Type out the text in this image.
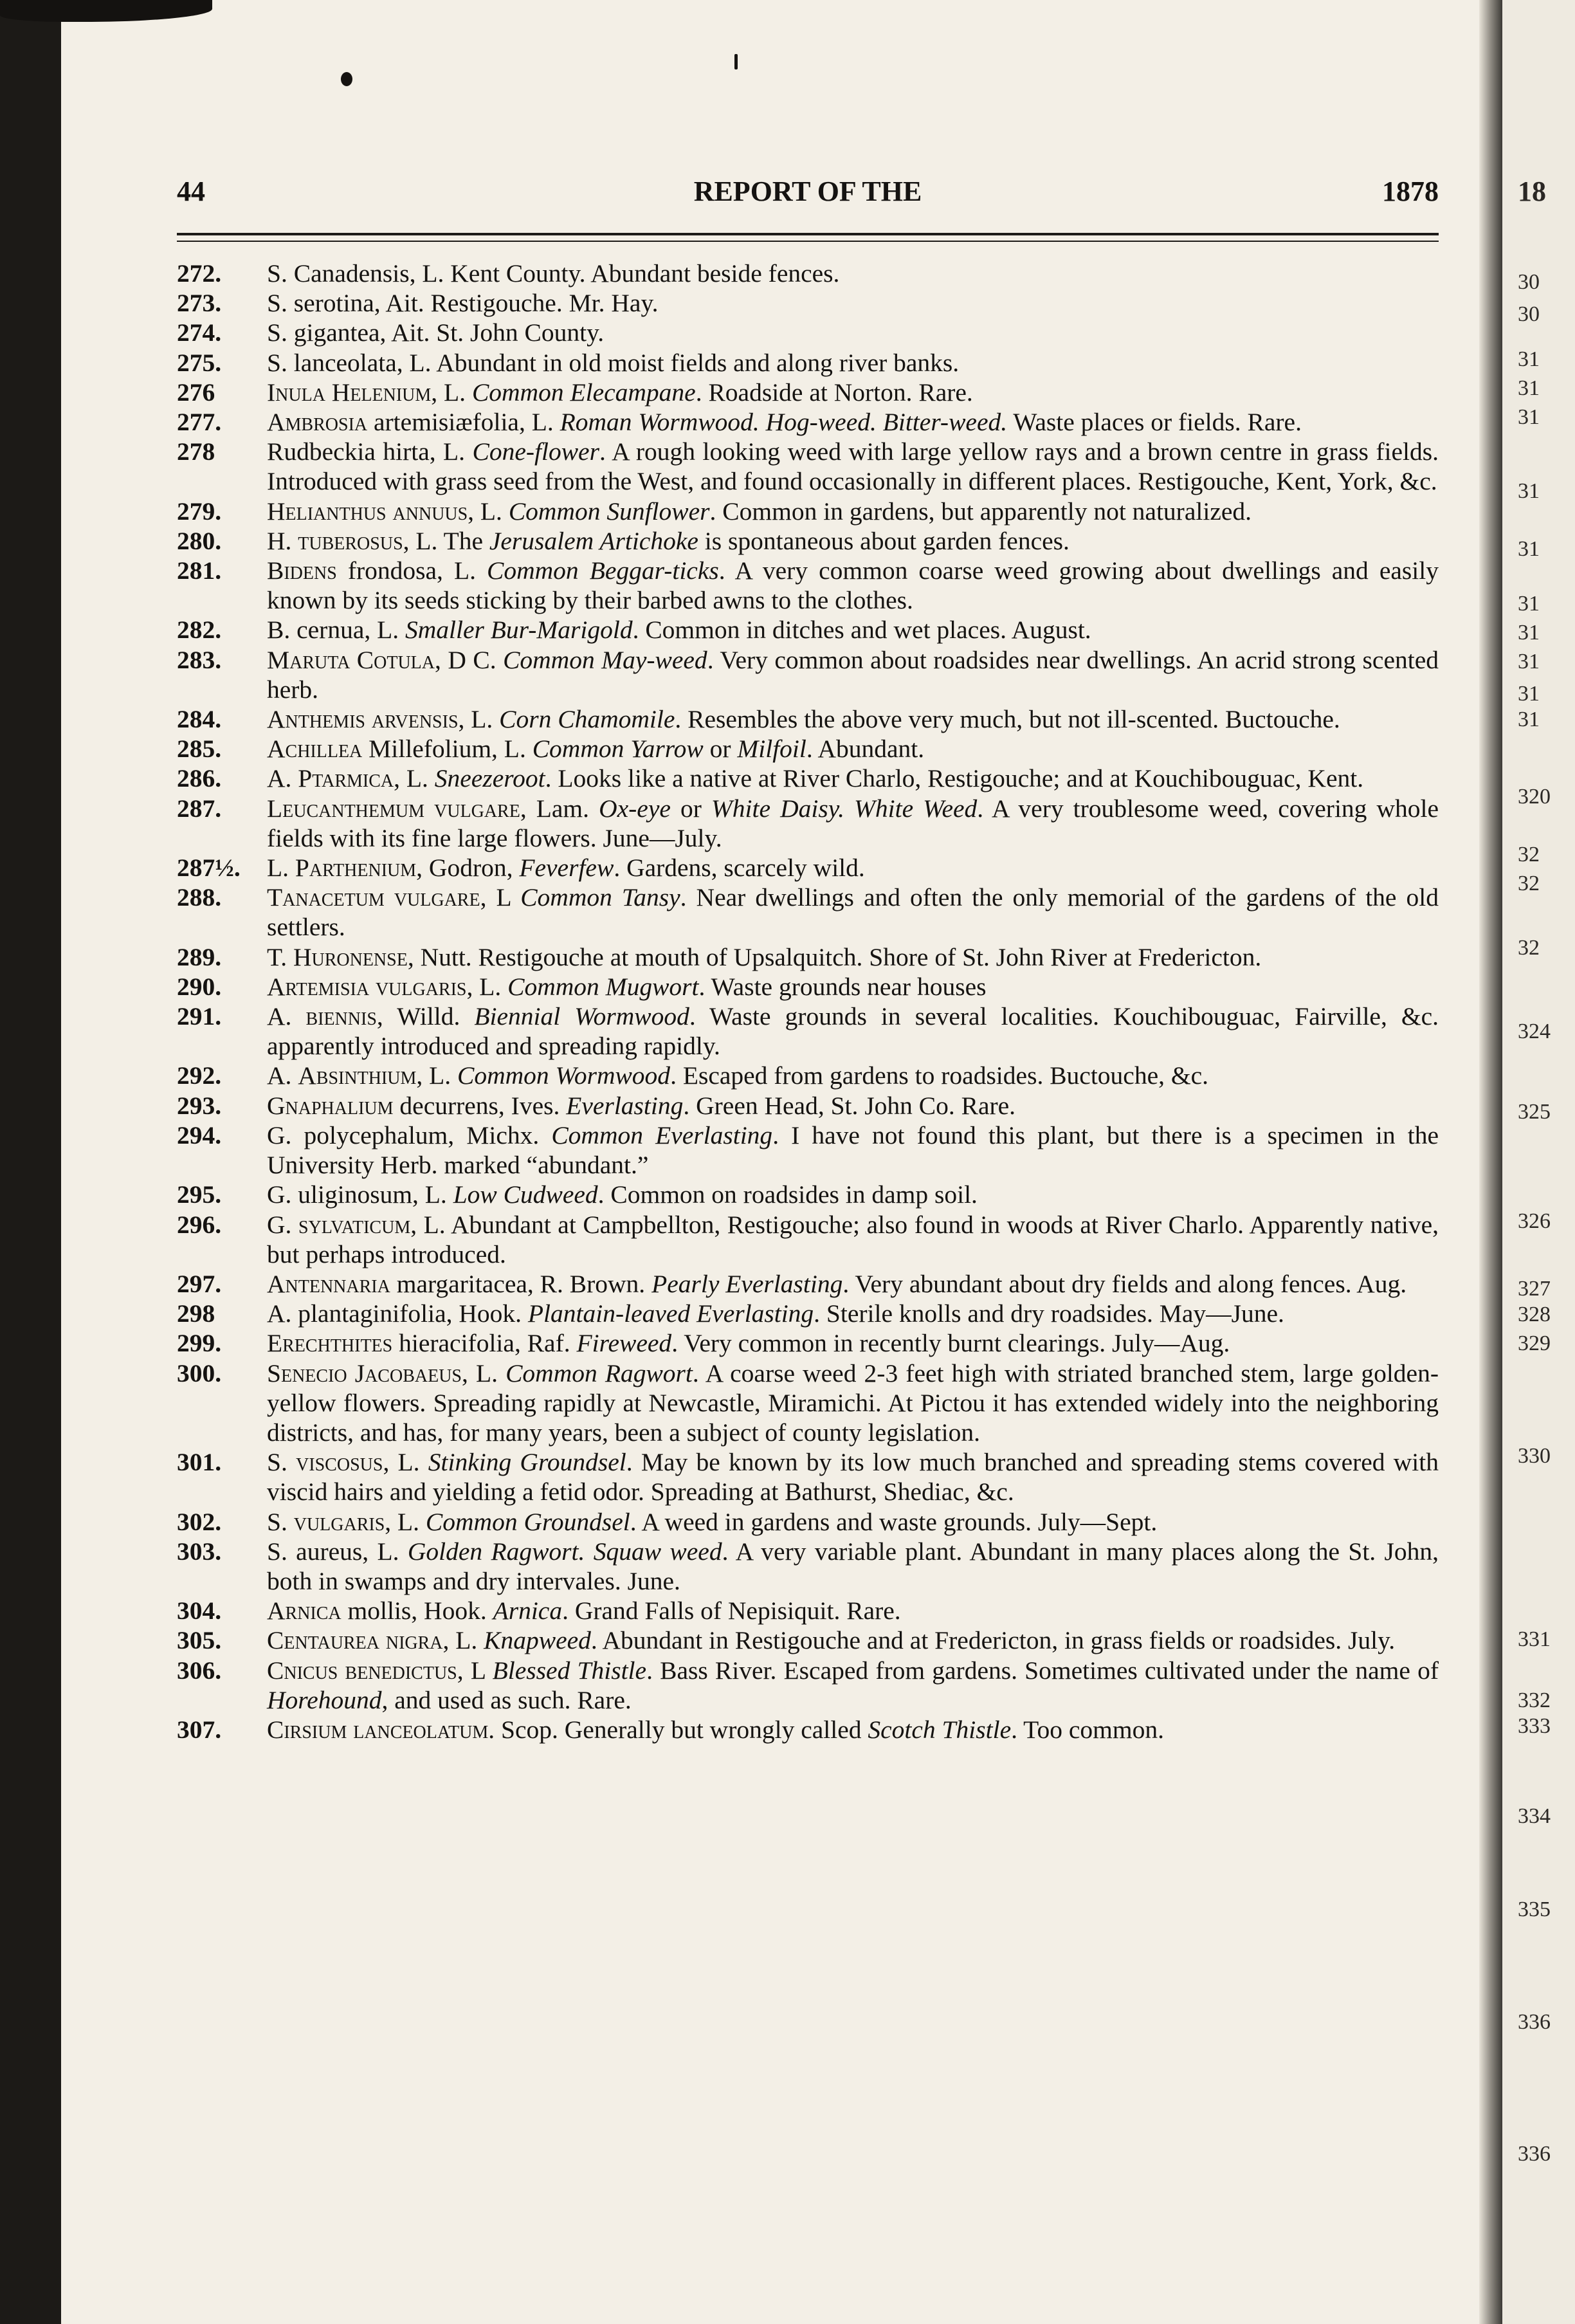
18
30
30
31
31
31
31
31
31
31
31
31
31
320
32
32
32
324
325
326
327
328
329
330
331
332
333
334
335
336
336
44	REPORT OF THE	1878
272. S. Canadensis, L. Kent County. Abundant beside fences.
273. S. serotina, Ait. Restigouche. Mr. Hay.
274. S. gigantea, Ait. St. John County.
275. S. lanceolata, L. Abundant in old moist fields and along river banks.
276 Inula Helenium, L. Common Elecampane. Roadside at Norton. Rare.
277. Ambrosia artemisiæfolia, L. Roman Wormwood. Hog-weed. Bitter-weed. Waste places or fields. Rare.
278 Rudbeckia hirta, L. Cone-flower. A rough looking weed with large yellow rays and a brown centre in grass fields. Introduced with grass seed from the West, and found occasionally in different places. Restigouche, Kent, York, &c.
279. Helianthus annuus, L. Common Sunflower. Common in gardens, but apparently not naturalized.
280. H. tuberosus, L. The Jerusalem Artichoke is spontaneous about garden fences.
281. Bidens frondosa, L. Common Beggar-ticks. A very common coarse weed growing about dwellings and easily known by its seeds sticking by their barbed awns to the clothes.
282. B. cernua, L. Smaller Bur-Marigold. Common in ditches and wet places. August.
283. Maruta Cotula, D C. Common May-weed. Very common about roadsides near dwellings. An acrid strong scented herb.
284. Anthemis arvensis, L. Corn Chamomile. Resembles the above very much, but not ill-scented. Buctouche.
285. Achillea Millefolium, L. Common Yarrow or Milfoil. Abundant.
286. A. Ptarmica, L. Sneezeroot. Looks like a native at River Charlo, Restigouche; and at Kouchibouguac, Kent.
287. Leucanthemum vulgare, Lam. Ox-eye or White Daisy. White Weed. A very troublesome weed, covering whole fields with its fine large flowers. June—July.
287½. L. Parthenium, Godron, Feverfew. Gardens, scarcely wild.
288. Tanacetum vulgare, L Common Tansy. Near dwellings and often the only memorial of the gardens of the old settlers.
289. T. Huronense, Nutt. Restigouche at mouth of Upsalquitch. Shore of St. John River at Fredericton.
290. Artemisia vulgaris, L. Common Mugwort. Waste grounds near houses
291. A. biennis, Willd. Biennial Wormwood. Waste grounds in several localities. Kouchibouguac, Fairville, &c. apparently introduced and spreading rapidly.
292. A. Absinthium, L. Common Wormwood. Escaped from gardens to roadsides. Buctouche, &c.
293. Gnaphalium decurrens, Ives. Everlasting. Green Head, St. John Co. Rare.
294. G. polycephalum, Michx. Common Everlasting. I have not found this plant, but there is a specimen in the University Herb. marked “abundant.”
295. G. uliginosum, L. Low Cudweed. Common on roadsides in damp soil.
296. G. sylvaticum, L. Abundant at Campbellton, Restigouche; also found in woods at River Charlo. Apparently native, but perhaps introduced.
297. Antennaria margaritacea, R. Brown. Pearly Everlasting. Very abundant about dry fields and along fences. Aug.
298 A. plantaginifolia, Hook. Plantain-leaved Everlasting. Sterile knolls and dry roadsides. May—June.
299. Erechthites hieracifolia, Raf. Fireweed. Very common in recently burnt clearings. July—Aug.
300. Senecio Jacobaeus, L. Common Ragwort. A coarse weed 2-3 feet high with striated branched stem, large golden-yellow flowers. Spreading rapidly at Newcastle, Miramichi. At Pictou it has extended widely into the neighboring districts, and has, for many years, been a subject of county legislation.
301. S. viscosus, L. Stinking Groundsel. May be known by its low much branched and spreading stems covered with viscid hairs and yielding a fetid odor. Spreading at Bathurst, Shediac, &c.
302. S. vulgaris, L. Common Groundsel. A weed in gardens and waste grounds. July—Sept.
303. S. aureus, L. Golden Ragwort. Squaw weed. A very variable plant. Abundant in many places along the St. John, both in swamps and dry intervales. June.
304. Arnica mollis, Hook. Arnica. Grand Falls of Nepisiquit. Rare.
305. Centaurea nigra, L. Knapweed. Abundant in Restigouche and at Fredericton, in grass fields or roadsides. July.
306. Cnicus benedictus, L Blessed Thistle. Bass River. Escaped from gardens. Sometimes cultivated under the name of Horehound, and used as such. Rare.
307. Cirsium lanceolatum. Scop. Generally but wrongly called Scotch Thistle. Too common.
